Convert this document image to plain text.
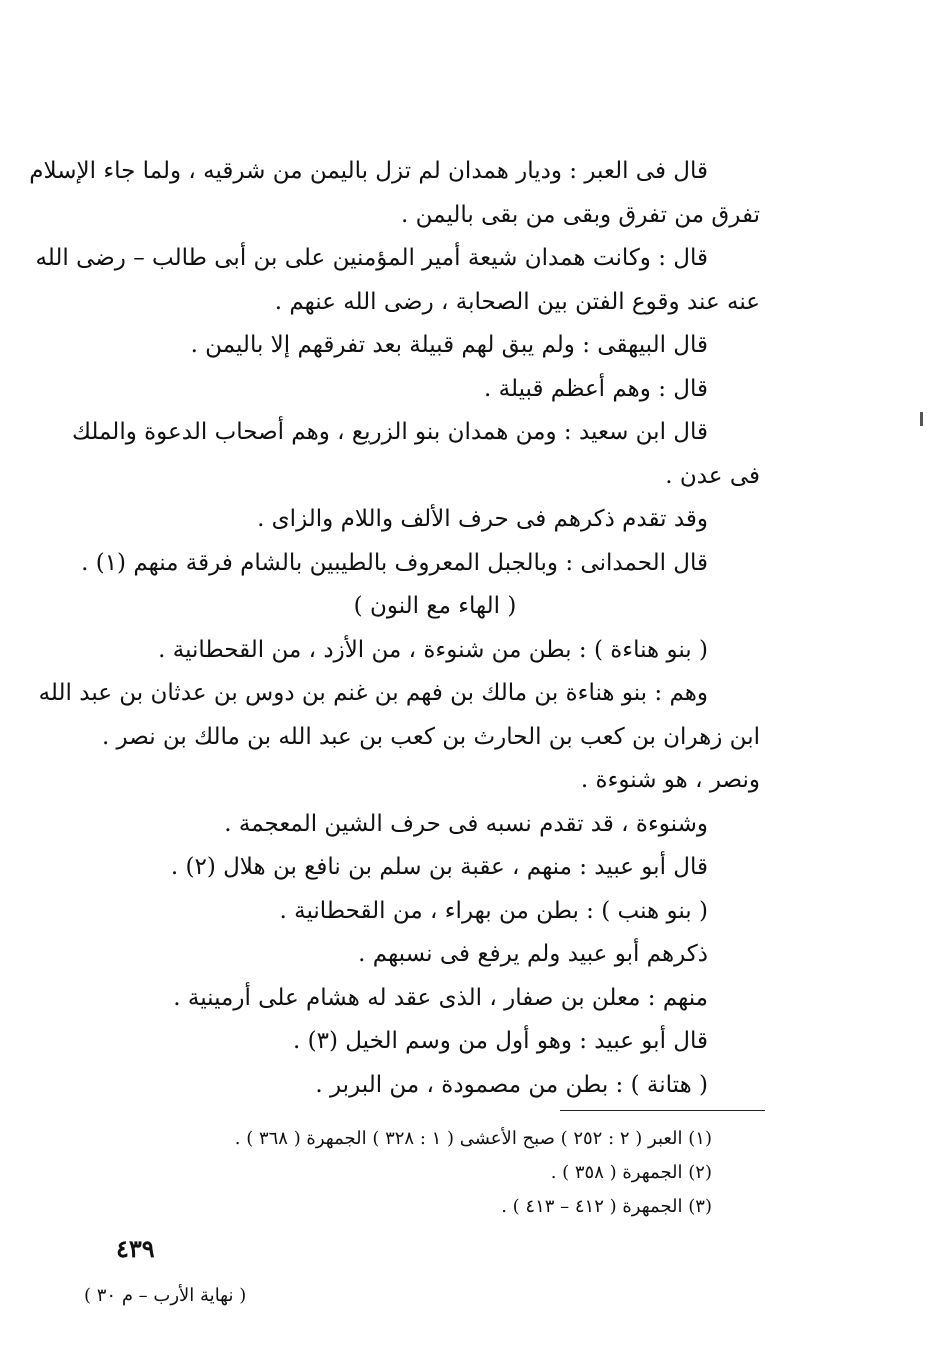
قال فى العبر : وديار همدان لم تزل باليمن من شرقيه ، ولما جاء الإسلام
تفرق من تفرق وبقى من بقى باليمن .
قال : وكانت همدان شيعة أمير المؤمنين على بن أبى طالب – رضى الله
عنه عند وقوع الفتن بين الصحابة ، رضى الله عنهم .
قال البيهقى : ولم يبق لهم قبيلة بعد تفرقهم إلا باليمن .
قال : وهم أعظم قبيلة .
قال ابن سعيد : ومن همدان بنو الزريع ، وهم أصحاب الدعوة والملك
فى عدن .
وقد تقدم ذكرهم فى حرف الألف واللام والزاى .
قال الحمدانى : وبالجبل المعروف بالطيبين بالشام فرقة منهم (١) .
( الهاء مع النون )
( بنو هناءة ) : بطن من شنوءة ، من الأزد ، من القحطانية .
وهم : بنو هناءة بن مالك بن فهم بن غنم بن دوس بن عدثان بن عبد الله
ابن زهران بن كعب بن الحارث بن كعب بن عبد الله بن مالك بن نصر .
ونصر ، هو شنوءة .
وشنوءة ، قد تقدم نسبه فى حرف الشين المعجمة .
قال أبو عبيد : منهم ، عقبة بن سلم بن نافع بن هلال (٢) .
( بنو هنب ) : بطن من بهراء ، من القحطانية .
ذكرهم أبو عبيد ولم يرفع فى نسبهم .
منهم : معلن بن صفار ، الذى عقد له هشام على أرمينية .
قال أبو عبيد : وهو أول من وسم الخيل (٣) .
( هتانة ) : بطن من مصمودة ، من البربر .
(١) العبر ( ٢ : ٢٥٢ ) صبح الأعشى ( ١ : ٣٢٨ ) الجمهرة ( ٣٦٨ ) .
(٢) الجمهرة ( ٣٥٨ ) .
(٣) الجمهرة ( ٤١٢ – ٤١٣ ) .
٤٣٩
( نهاية الأرب – م ٣٠ )
